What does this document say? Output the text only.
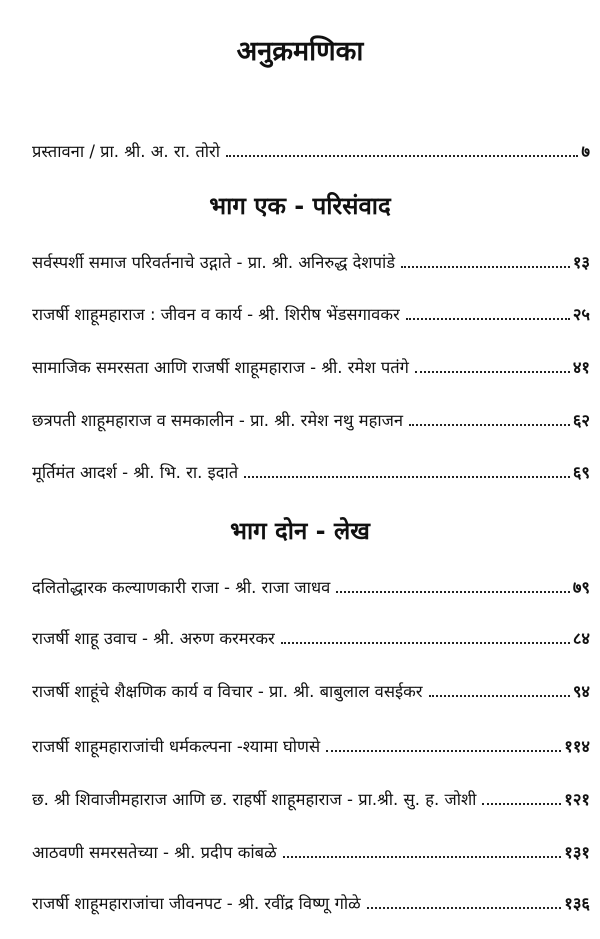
अनुक्रमणिका
प्रस्तावना / प्रा. श्री. अ. रा. तोरो	७
भाग एक - परिसंवाद
सर्वस्पर्शी समाज परिवर्तनाचे उद्गाते - प्रा. श्री. अनिरुद्ध देशपांडे	१३
राजर्षी शाहूमहाराज : जीवन व कार्य - श्री. शिरीष भेंडसगावकर	२५
सामाजिक समरसता आणि राजर्षी शाहूमहाराज - श्री. रमेश पतंगे	४१
छत्रपती शाहूमहाराज व समकालीन - प्रा. श्री. रमेश नथु महाजन	६२
मूर्तिमंत आदर्श - श्री. भि. रा. इदाते	६९
भाग दोन - लेख
दलितोद्धारक कल्याणकारी राजा - श्री. राजा जाधव	७९
राजर्षी शाहू उवाच - श्री. अरुण करमरकर	८४
राजर्षी शाहूंचे शैक्षणिक कार्य व विचार - प्रा. श्री. बाबुलाल वसईकर	९४
राजर्षी शाहूमहाराजांची धर्मकल्पना -श्यामा घोणसे	११४
छ. श्री शिवाजीमहाराज आणि छ. राहर्षी शाहूमहाराज - प्रा.श्री. सु. ह. जोशी	१२१
आठवणी समरसतेच्या - श्री. प्रदीप कांबळे	१३१
राजर्षी शाहूमहाराजांचा जीवनपट - श्री. रवींद्र विष्णू गोळे	१३६
